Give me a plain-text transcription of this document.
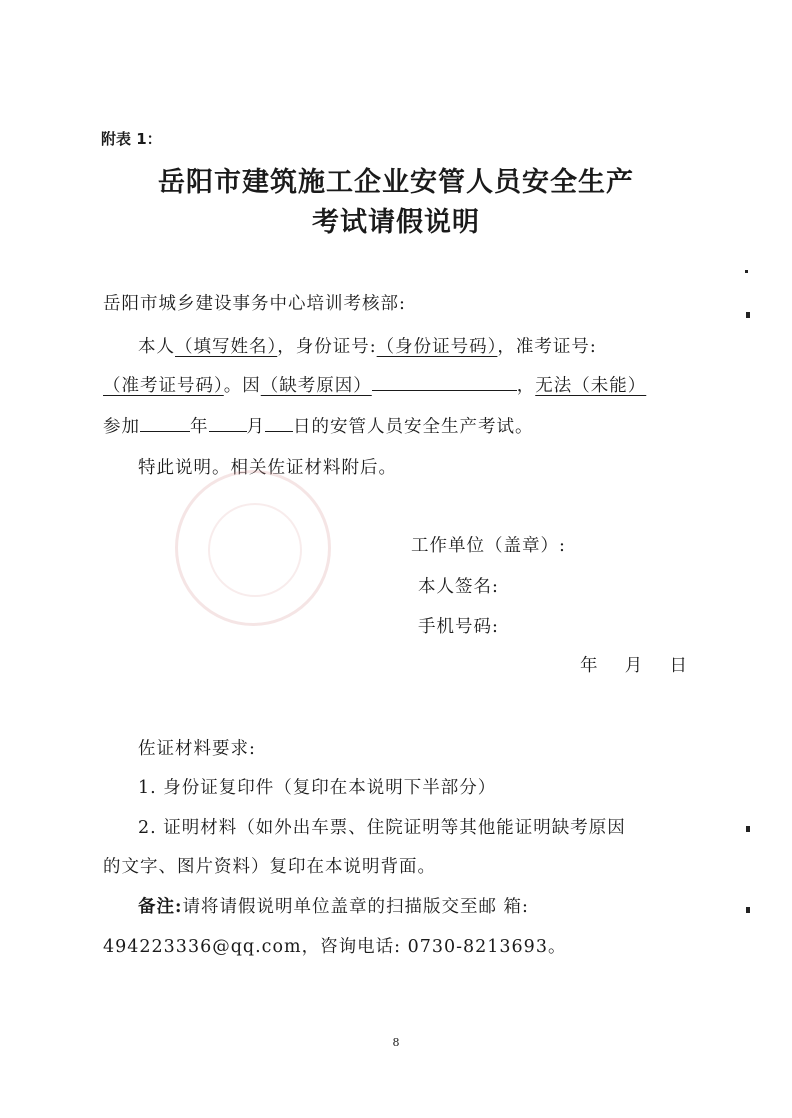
附表 1：
岳阳市建筑施工企业安管人员安全生产
考试请假说明
岳阳市城乡建设事务中心培训考核部:
本人（填写姓名），身份证号:（身份证号码），准考证号:
（准考证号码）。因（缺考原因）	，无法（未能）
参加	年 月 日的安管人员安全生产考试。
特此说明。相关佐证材料附后。
工作单位（盖章）:
本人签名:
手机号码:
年    月    日
佐证材料要求:
1. 身份证复印件（复印在本说明下半部分）
2. 证明材料（如外出车票、住院证明等其他能证明缺考原因
的文字、图片资料）复印在本说明背面。
备注:请将请假说明单位盖章的扫描版交至邮 箱:
494223336@qq.com，咨询电话: 0730-8213693。
8
